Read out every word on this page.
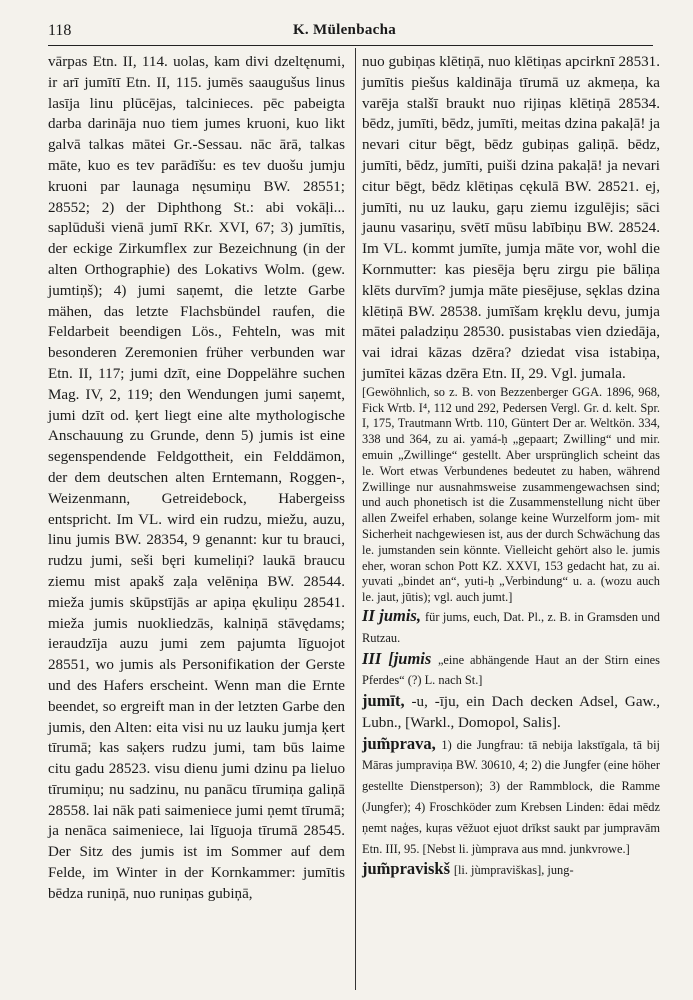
118	K. Mülenbacha

vārpas Etn. II, 114. uolas, kam divi dzeltęnumi, ir arī jumītī Etn. II, 115. jumēs saaugušus linus lasīja linu plūcējas, talcinieces. pēc pabeigta darba darināja nuo tiem jumes kruoni, kuo likt galvā talkas mātei Gr.-Sessau. nāc ārā, talkas māte, kuo es tev parādīšu: es tev duošu jumju kruoni par launaga nęsumiņu BW. 28551; 28552; 2) der Diphthong St.: abi vokāļi... saplūduši vienā jumī RKr. XVI, 67; 3) jumītis, der eckige Zirkumflex zur Bezeichnung (in der alten Orthographie) des Lokativs Wolm. (gew. jumtiņš); 4) jumi saņemt, die letzte Garbe mähen, das letzte Flachsbündel raufen, die Feldarbeit beendigen Lös., Fehteln, was mit besonderen Zeremonien früher verbunden war Etn. II, 117; jumi dzīt, eine Doppelähre suchen Mag. IV, 2, 119; den Wendungen jumi saņemt, jumi dzīt od. ķert liegt eine alte mythologische Anschauung zu Grunde, denn 5) jumis ist eine segenspendende Feldgottheit, ein Felddämon, der dem deutschen alten Erntemann, Roggen-, Weizenmann, Getreidebock, Habergeiss entspricht. Im VL. wird ein rudzu, miežu, auzu, linu jumis BW. 28354, 9 genannt: kur tu brauci, rudzu jumi, seši bęri kumeliņi? laukā braucu ziemu mist apakš zaļa velēniņa BW. 28544. mieža jumis skūpstījās ar apiņa ękuliņu 28541. mieža jumis nuokliedzās, kalniņā stāvędams; ieraudzīja auzu jumi zem pajumta līguojot 28551, wo jumis als Personifikation der Gerste und des Hafers erscheint. Wenn man die Ernte beendet, so ergreift man in der letzten Garbe den jumis, den Alten: eita visi nu uz lauku jumja ķert tīrumā; kas saķers rudzu jumi, tam būs laime citu gadu 28523. visu dienu jumi dzinu pa lieluo tīrumiņu; nu sadzinu, nu panācu tīrumiņa galiņā 28558. lai nāk pati saimeniece jumi ņemt tīrumā; ja nenāca saimeniece, lai līguoja tīrumā 28545. Der Sitz des jumis ist im Sommer auf dem Felde, im Winter in der Kornkammer: jumītis bēdza runiņā, nuo runiņas gubiņā,

nuo gubiņas klētiņā, nuo klētiņas apcirknī 28531. jumītis piešus kaldināja tīrumā uz akmeņa, ka varēja stalšī braukt nuo rijiņas klētiņā 28534. bēdz, jumīti, bēdz, jumīti, meitas dzina pakaļā! ja nevari citur bēgt, bēdz gubiņas galiņā. bēdz, jumīti, bēdz, jumīti, puiši dzina pakaļā! ja nevari citur bēgt, bēdz klētiņas cękulā BW. 28521. ej, jumīti, nu uz lauku, gaŗu ziemu izgulējis; sāci jaunu vasariņu, svētī mūsu labībiņu BW. 28524. Im VL. kommt jumīte, jumja māte vor, wohl die Kornmutter: kas piesēja bęru zirgu pie bāliņa klēts durvīm? jumja māte piesējuse, sęklas dzina klētiņā BW. 28538. jumīšam kręklu devu, jumja mātei paladziņu 28530. pusistabas vien dziedāja, vai idrai kāzas dzēra? dziedat visa istabiņa, jumītei kāzas dzēra Etn. II, 29. Vgl. jumala.

[Gewöhnlich, so z. B. von Bezzenberger GGA. 1896, 968, Fick Wrtb. I⁴, 112 und 292, Pedersen Vergl. Gr. d. kelt. Spr. I, 175, Trautmann Wrtb. 110, Güntert Der ar. Weltkön. 334, 338 und 364, zu ai. yamá-ḥ „gepaart; Zwilling“ und mir. emuin „Zwillinge“ gestellt. Aber ursprünglich scheint das le. Wort etwas Verbundenes bedeutet zu haben, während Zwillinge nur ausnahmsweise zusammengewachsen sind; und auch phonetisch ist die Zusammenstellung nicht über allen Zweifel erhaben, solange keine Wurzelform jom- mit Sicherheit nachgewiesen ist, aus der durch Schwächung das le. jumstanden sein könnte. Vielleicht gehört also le. jumis eher, woran schon Pott KZ. XXVI, 153 gedacht hat, zu ai. yuvati „bindet an“, yuti-ḥ „Verbindung“ u. a. (wozu auch le. jaut, jūtis); vgl. auch jumt.]

II jumis, für jums, euch, Dat. Pl., z. B. in Gramsden und Rutzau.

III [jumis „eine abhängende Haut an der Stirn eines Pferdes“ (?) L. nach St.]

jumīt, -u, -īju, ein Dach decken Adsel, Gaw., Lubn., [Warkl., Domopol, Salis].

jum̃prava, 1) die Jungfrau: tā nebija lakstīgala, tā bij Māras jumpraviņa BW. 30610, 4; 2) die Jungfer (eine höher gestellte Dienstperson); 3) der Rammblock, die Ramme (Jungfer); 4) Froschköder zum Krebsen Linden: ēdai mēdz ņemt naģes, kuŗas vēžuot ejuot drīkst saukt par jumpravām Etn. III, 95. [Nebst li. jùmprava aus mnd. junkvrowe.]

jum̃praviskš [li. jùmpraviškas], jung-
